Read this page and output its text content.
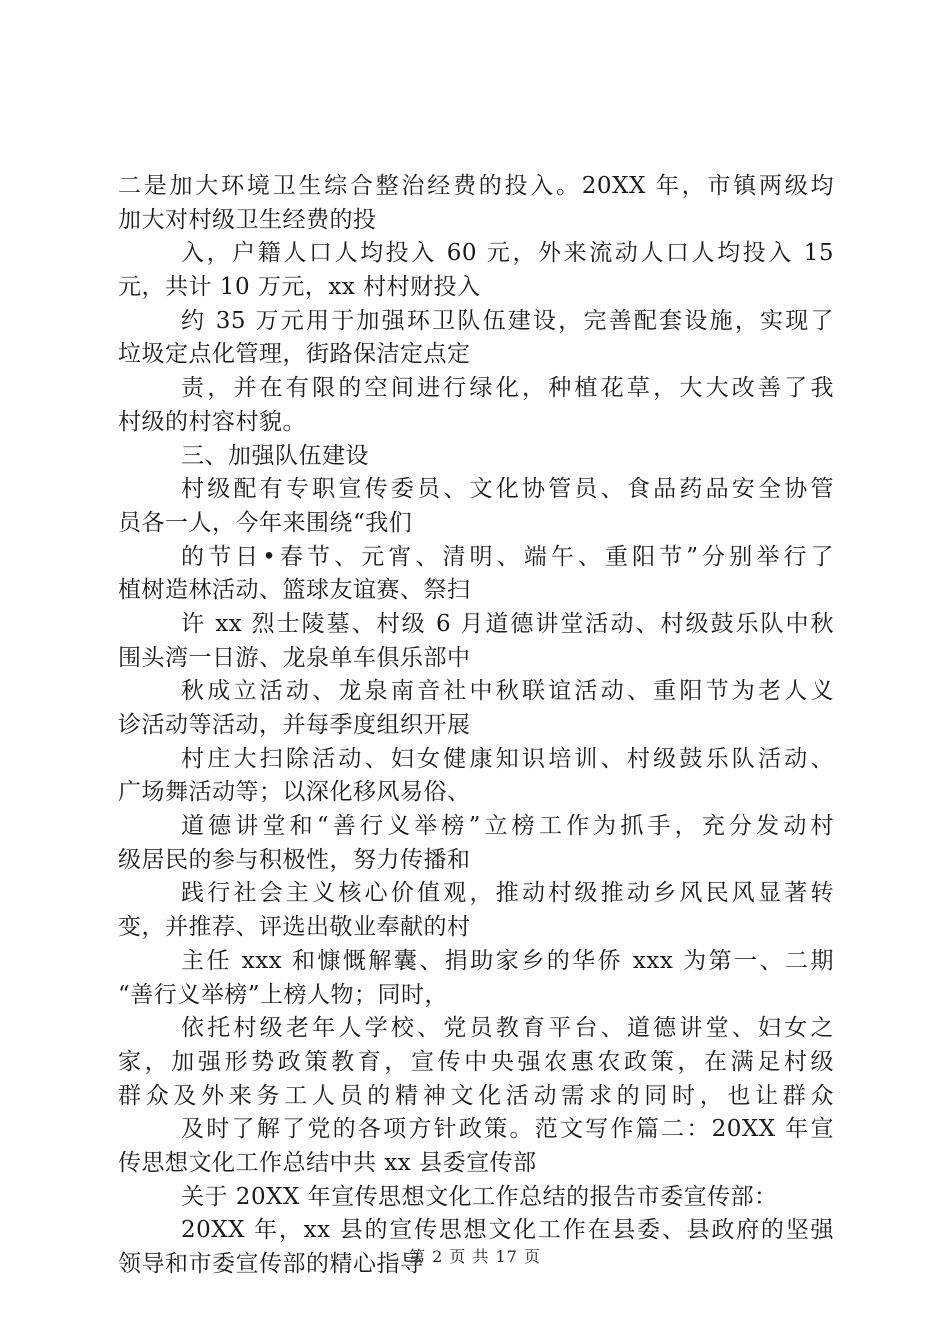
二是加大环境卫生综合整治经费的投入。20XX 年，市镇两级均
加大对村级卫生经费的投
入，户籍人口人均投入 60 元，外来流动人口人均投入 15
元，共计 10 万元，xx 村村财投入
约 35 万元用于加强环卫队伍建设，完善配套设施，实现了
垃圾定点化管理，街路保洁定点定
责，并在有限的空间进行绿化，种植花草，大大改善了我
村级的村容村貌。
三、加强队伍建设
村级配有专职宣传委员、文化协管员、食品药品安全协管
员各一人，今年来围绕“我们
的节日•春节、元宵、清明、端午、重阳节”分别举行了
植树造林活动、篮球友谊赛、祭扫
许 xx 烈士陵墓、村级 6 月道德讲堂活动、村级鼓乐队中秋
围头湾一日游、龙泉单车俱乐部中
秋成立活动、龙泉南音社中秋联谊活动、重阳节为老人义
诊活动等活动，并每季度组织开展
村庄大扫除活动、妇女健康知识培训、村级鼓乐队活动、
广场舞活动等；以深化移风易俗、
道德讲堂和“善行义举榜”立榜工作为抓手，充分发动村
级居民的参与积极性，努力传播和
践行社会主义核心价值观，推动村级推动乡风民风显著转
变，并推荐、评选出敬业奉献的村
主任 xxx 和慷慨解囊、捐助家乡的华侨 xxx 为第一、二期
“善行义举榜”上榜人物；同时，
依托村级老年人学校、党员教育平台、道德讲堂、妇女之
家，加强形势政策教育，宣传中央强农惠农政策，在满足村级
群众及外来务工人员的精神文化活动需求的同时，也让群众
及时了解了党的各项方针政策。范文写作篇二：20XX 年宣
传思想文化工作总结中共 xx 县委宣传部
关于 20XX 年宣传思想文化工作总结的报告市委宣传部：
20XX 年，xx 县的宣传思想文化工作在县委、县政府的坚强
领导和市委宣传部的精心指导
第 2 页 共 17 页
